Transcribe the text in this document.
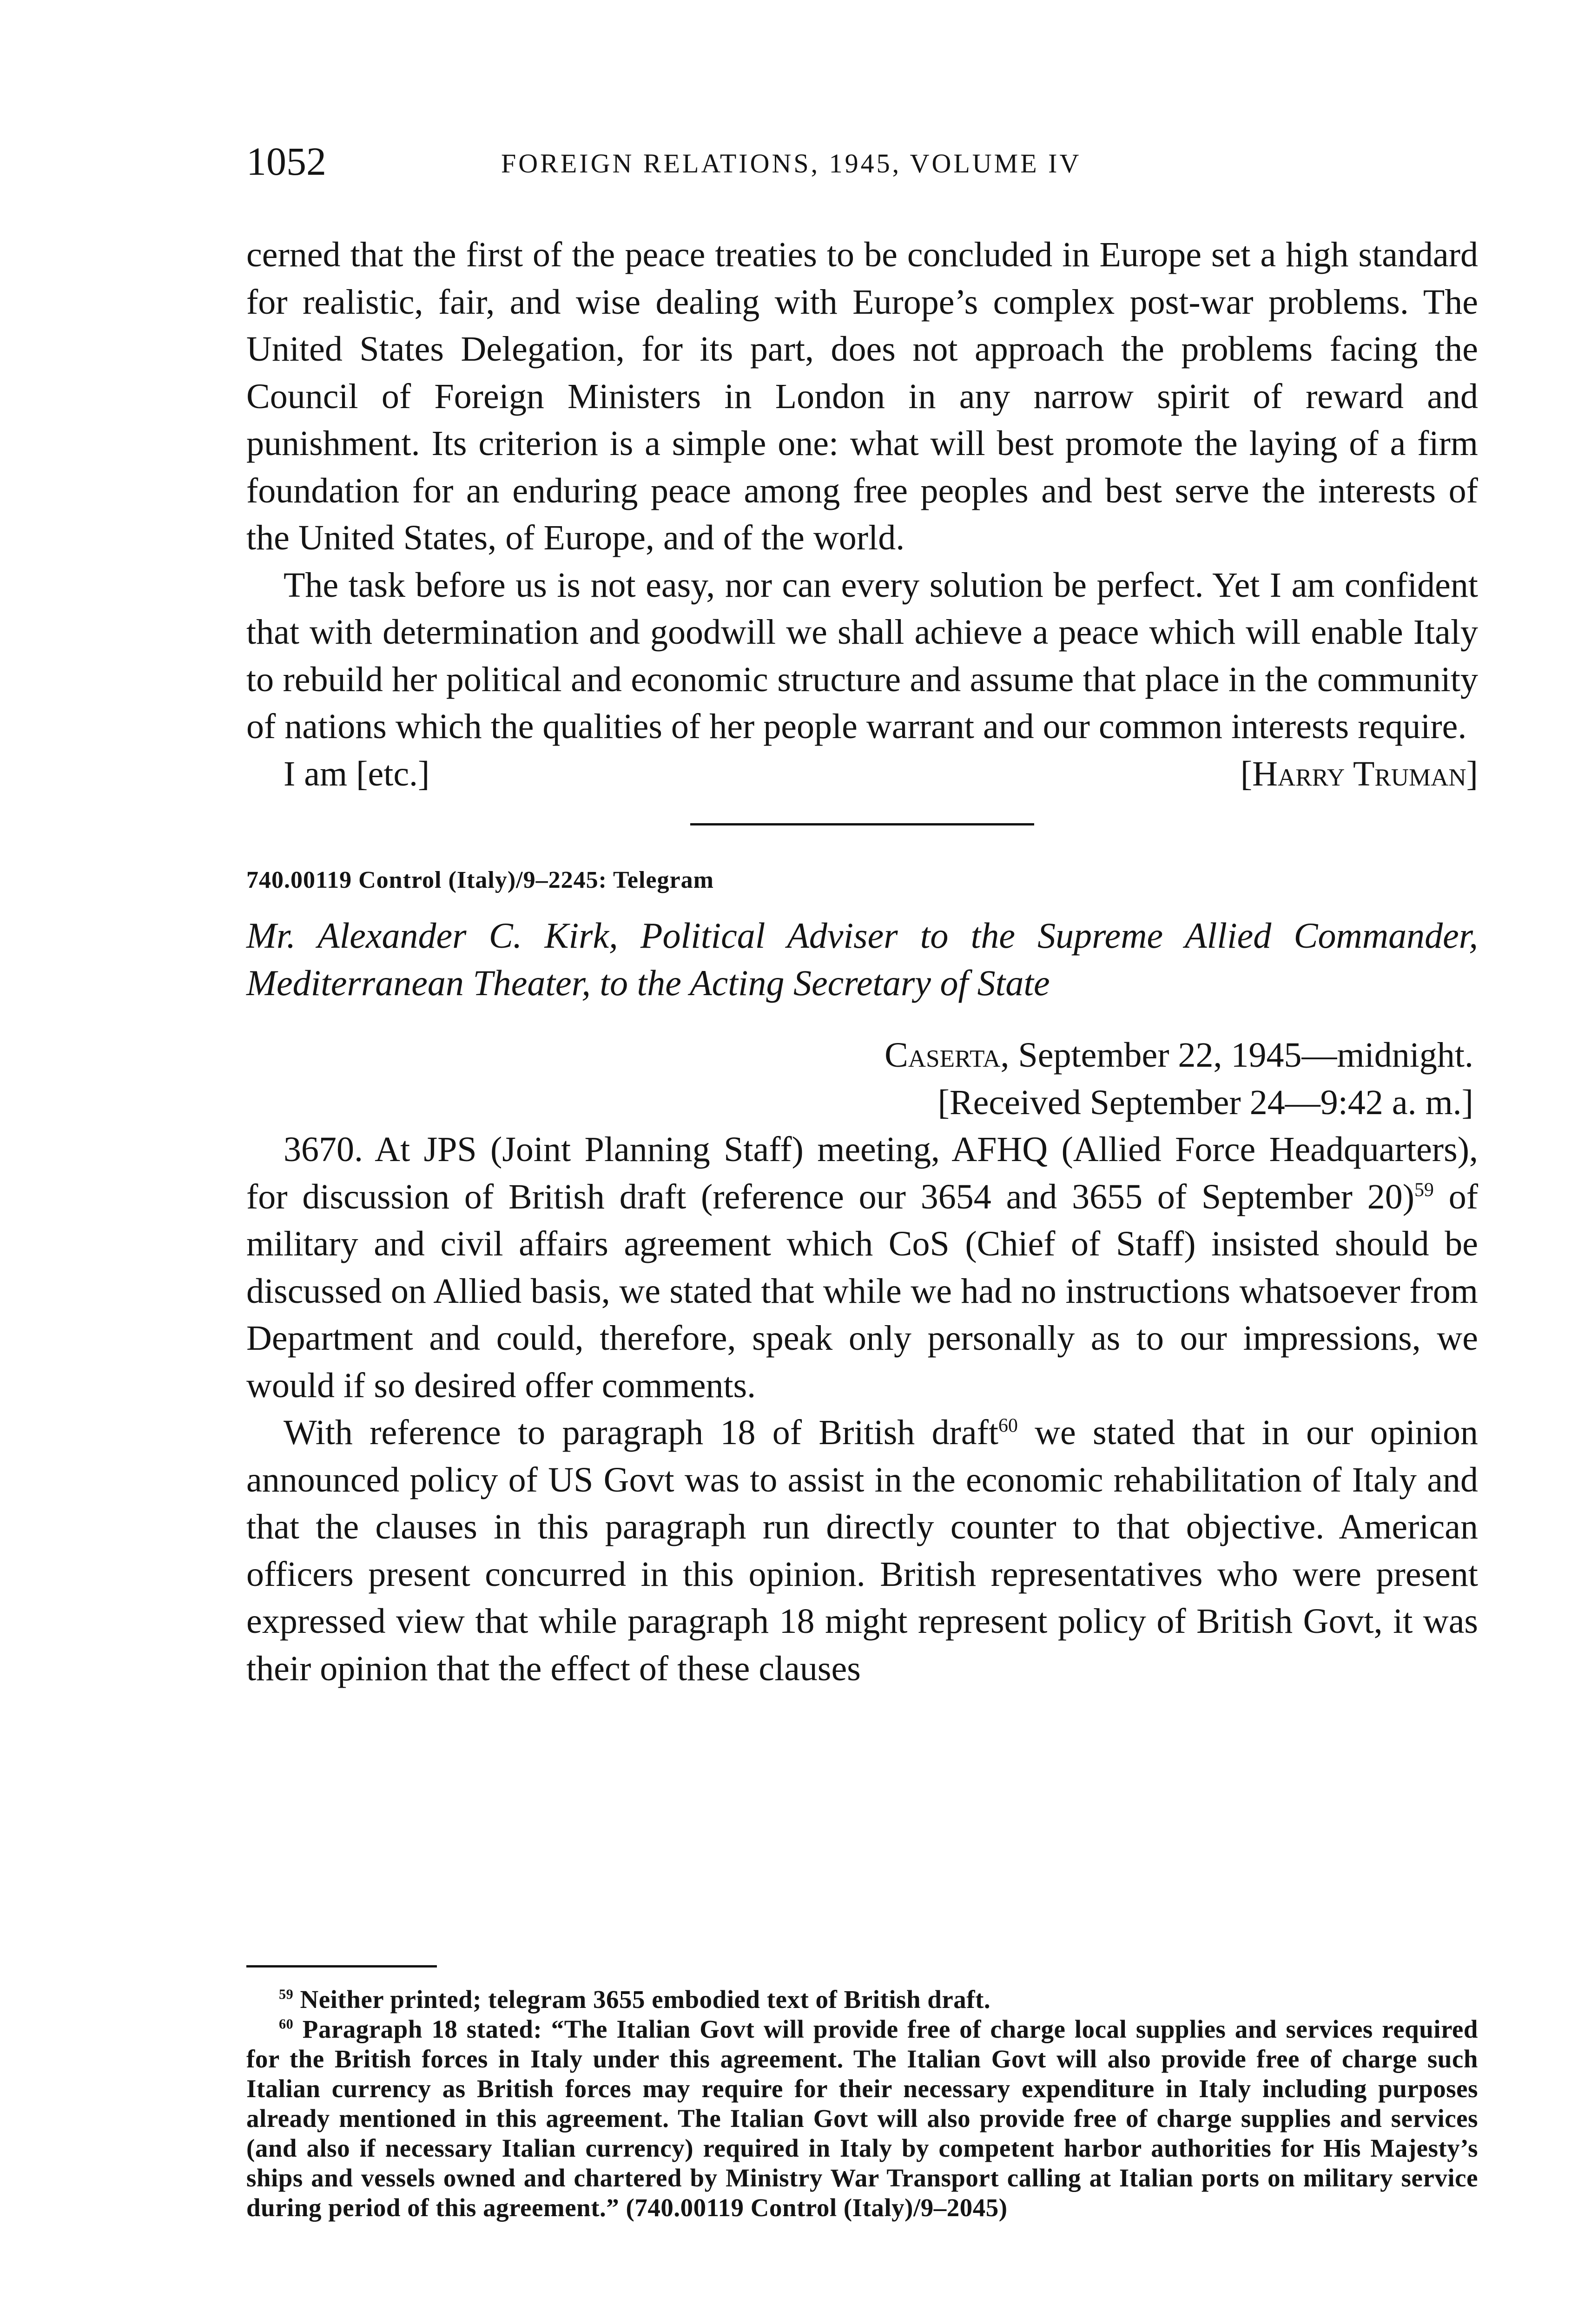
1052	FOREIGN RELATIONS, 1945, VOLUME IV

cerned that the first of the peace treaties to be concluded in Europe set a high standard for realistic, fair, and wise dealing with Europe’s complex post-war problems. The United States Delegation, for its part, does not approach the problems facing the Council of Foreign Ministers in London in any narrow spirit of reward and punishment. Its criterion is a simple one: what will best promote the laying of a firm foundation for an enduring peace among free peoples and best serve the interests of the United States, of Europe, and of the world.

The task before us is not easy, nor can every solution be perfect. Yet I am confident that with determination and goodwill we shall achieve a peace which will enable Italy to rebuild her political and economic structure and assume that place in the community of nations which the qualities of her people warrant and our common interests require.

I am [etc.]	[Harry Truman]
740.00119 Control (Italy)/9–2245: Telegram
Mr. Alexander C. Kirk, Political Adviser to the Supreme Allied Commander, Mediterranean Theater, to the Acting Secretary of State
Caserta, September 22, 1945—midnight.
[Received September 24—9:42 a. m.]

3670. At JPS (Joint Planning Staff) meeting, AFHQ (Allied Force Headquarters), for discussion of British draft (reference our 3654 and 3655 of September 20)$^{59}$ of military and civil affairs agreement which CoS (Chief of Staff) insisted should be discussed on Allied basis, we stated that while we had no instructions whatsoever from Department and could, therefore, speak only personally as to our impressions, we would if so desired offer comments.

With reference to paragraph 18 of British draft$^{60}$ we stated that in our opinion announced policy of US Govt was to assist in the economic rehabilitation of Italy and that the clauses in this paragraph run directly counter to that objective. American officers present concurred in this opinion. British representatives who were present expressed view that while paragraph 18 might represent policy of British Govt, it was their opinion that the effect of these clauses

$^{59}$ Neither printed; telegram 3655 embodied text of British draft.

$^{60}$ Paragraph 18 stated: “The Italian Govt will provide free of charge local supplies and services required for the British forces in Italy under this agreement. The Italian Govt will also provide free of charge such Italian currency as British forces may require for their necessary expenditure in Italy including purposes already mentioned in this agreement. The Italian Govt will also provide free of charge supplies and services (and also if necessary Italian currency) required in Italy by competent harbor authorities for His Majesty’s ships and vessels owned and chartered by Ministry War Transport calling at Italian ports on military service during period of this agreement.” (740.00119 Control (Italy)/9–2045)
